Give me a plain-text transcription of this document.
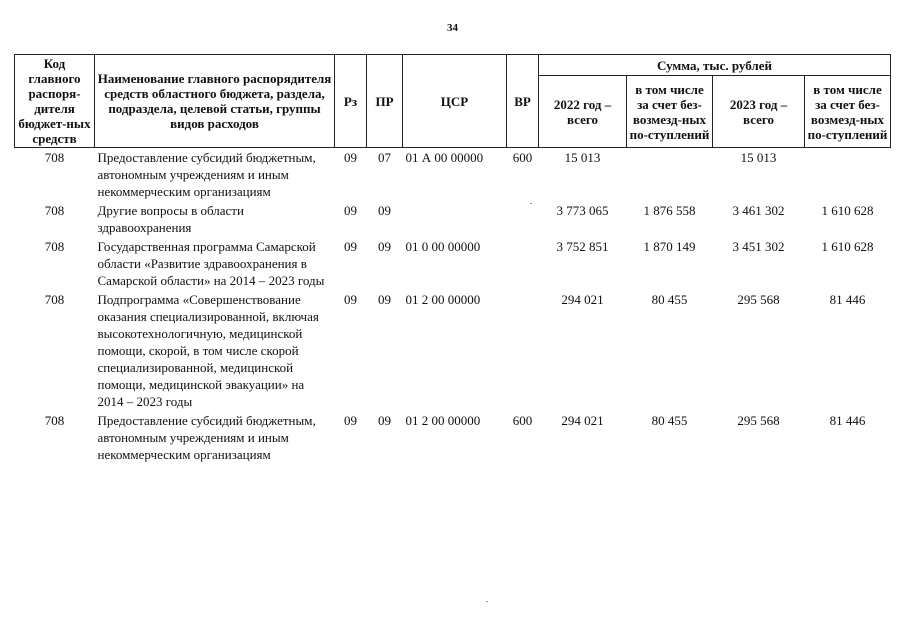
34
Код главного распоря-дителя бюджет-ных средств	Наименование главного распорядителя средств областного бюджета, раздела, подраздела, целевой статьи, группы видов расходов	Рз	ПР	ЦСР	ВР	Сумма, тыс. рублей			
						2022 год – всего	в том числе за счет без-возмезд-ных по-ступлений	2023 год – всего	в том числе за счет без-возмезд-ных по-ступлений
708	Предоставление субсидий бюджетным, автономным учреждениям и иным некоммерческим организациям	09	07	01 А 00 00000	600	15 013		15 013	
708	Другие вопросы в области здравоохранения	09	09			3 773 065	1 876 558	3 461 302	1 610 628
708	Государственная программа Самарской области «Развитие здравоохранения в Самарской области» на 2014 – 2023 годы	09	09	01 0 00 00000		3 752 851	1 870 149	3 451 302	1 610 628
708	Подпрограмма «Совершенствование оказания специализированной, включая высокотехнологичную, медицинской помощи, скорой, в том числе скорой специализированной, медицинской помощи, медицинской эвакуации» на 2014 – 2023 годы	09	09	01 2 00 00000		294 021	80 455	295 568	81 446
708	Предоставление субсидий бюджетным, автономным учреждениям и иным некоммерческим организациям	09	09	01 2 00 00000	600	294 021	80 455	295 568	81 446
